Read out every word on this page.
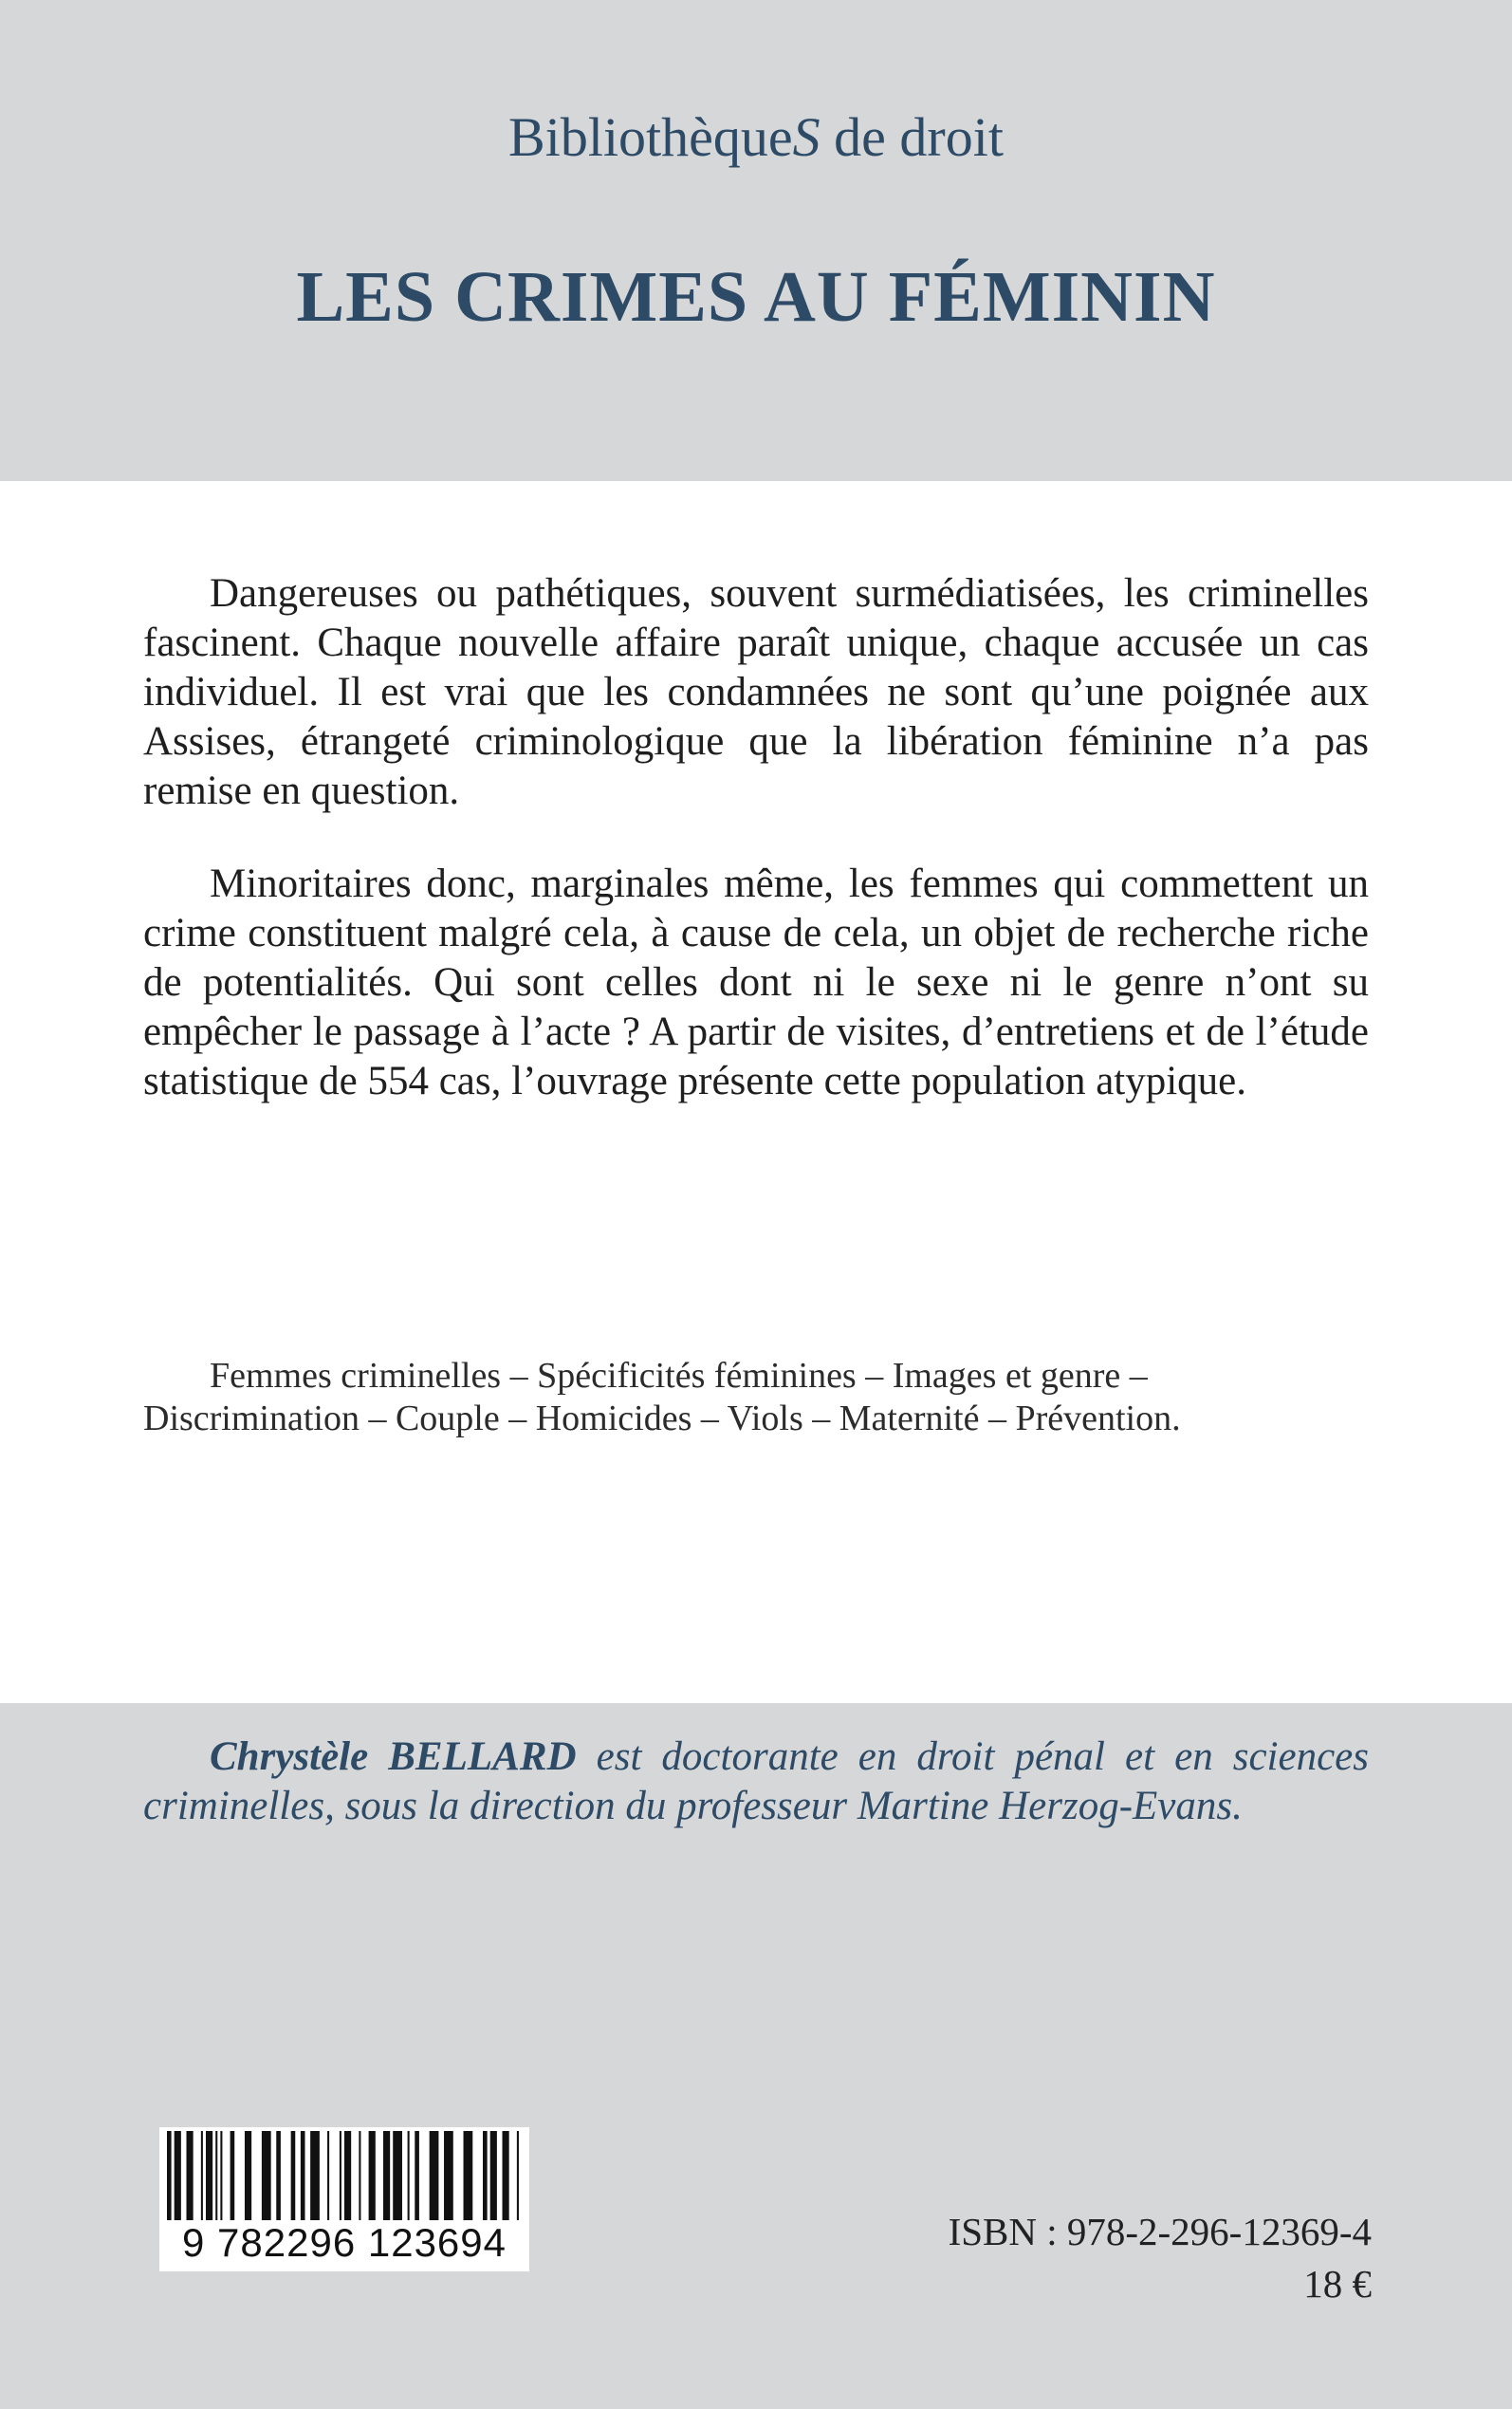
BibliothèqueS de droit
LES CRIMES AU FÉMININ

Dangereuses ou pathétiques, souvent surmédiatisées, les criminelles fascinent. Chaque nouvelle affaire paraît unique, chaque accusée un cas individuel. Il est vrai que les condamnées ne sont qu’une poignée aux Assises, étrangeté criminologique que la libération féminine n’a pas remise en question.

Minoritaires donc, marginales même, les femmes qui commettent un crime constituent malgré cela, à cause de cela, un objet de recherche riche de potentialités. Qui sont celles dont ni le sexe ni le genre n’ont su empêcher le passage à l’acte ? A partir de visites, d’entretiens et de l’étude statistique de 554 cas, l’ouvrage présente cette population atypique.

Femmes criminelles – Spécificités féminines – Images et genre –
Discrimination – Couple – Homicides – Viols – Maternité – Prévention.
Chrystèle BELLARD est doctorante en droit pénal et en sciences criminelles, sous la direction du professeur Martine Herzog-Evans.
9 782296 123694	ISBN : 978-2-296-12369-4
18 €
